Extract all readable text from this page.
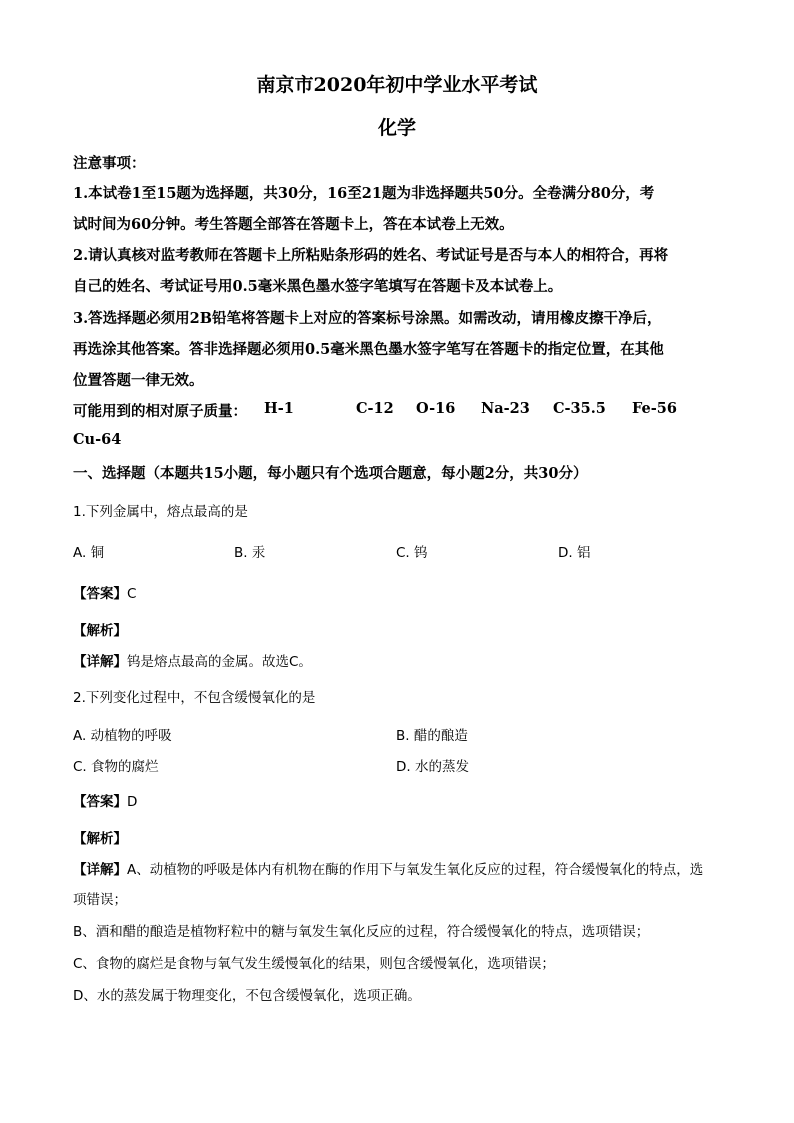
南京市2020年初中学业水平考试
化学
注意事项：
1.本试卷1至15题为选择题，共30分，16至21题为非选择题共50分。全卷满分80分，考
试时间为60分钟。考生答题全部答在答题卡上，答在本试卷上无效。
2.请认真核对监考教师在答题卡上所粘贴条形码的姓名、考试证号是否与本人的相符合，再将
自己的姓名、考试证号用0.5毫米黑色墨水签字笔填写在答题卡及本试卷上。
3.答选择题必须用2B铅笔将答题卡上对应的答案标号涂黑。如需改动，请用橡皮擦干净后，
再选涂其他答案。答非选择题必须用0.5毫米黑色墨水签字笔写在答题卡的指定位置，在其他
位置答题一律无效。
可能用到的相对原子质量： H-1	C-12 O-16 Na-23 C-35.5 Fe-56
Cu-64
一、选择题（本题共15小题，每小题只有个选项合题意，每小题2分，共30分）
1.下列金属中，熔点最高的是
A. 铜	B. 汞	C. 钨	D. 铝
【答案】C
【解析】
【详解】钨是熔点最高的金属。故选C。
2.下列变化过程中，不包含缓慢氧化的是
A. 动植物的呼吸	B. 醋的酿造
C. 食物的腐烂	D. 水的蒸发
【答案】D
【解析】
【详解】A、动植物的呼吸是体内有机物在酶的作用下与氧发生氧化反应的过程，符合缓慢氧化的特点，选
项错误；
B、酒和醋的酿造是植物籽粒中的糖与氧发生氧化反应的过程，符合缓慢氧化的特点，选项错误；
C、食物的腐烂是食物与氧气发生缓慢氧化的结果，则包含缓慢氧化，选项错误；
D、水的蒸发属于物理变化，不包含缓慢氧化，选项正确。
